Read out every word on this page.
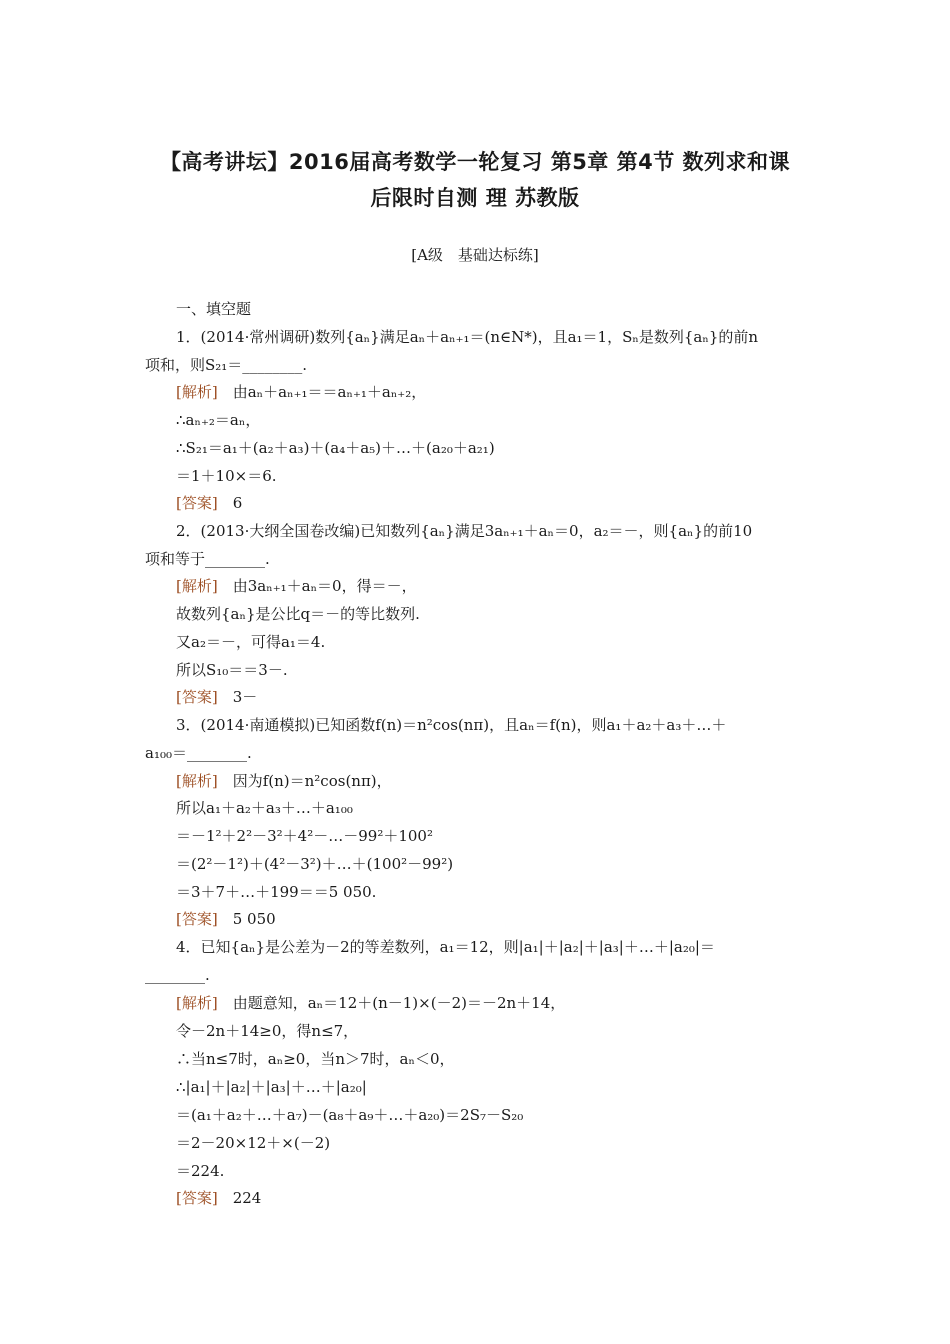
【高考讲坛】2016届高考数学一轮复习 第5章 第4节 数列求和课
后限时自测 理 苏教版
[A级　基础达标练]
一、填空题
1．(2014·常州调研)数列{aₙ}满足aₙ＋aₙ₊₁＝(n∈N*)，且a₁＝1，Sₙ是数列{aₙ}的前n
项和，则S₂₁＝________.
[解析]　由aₙ＋aₙ₊₁＝＝aₙ₊₁＋aₙ₊₂，
∴aₙ₊₂＝aₙ，
∴S₂₁＝a₁＋(a₂＋a₃)＋(a₄＋a₅)＋…＋(a₂₀＋a₂₁)
＝1＋10×＝6.
[答案]　6
2．(2013·大纲全国卷改编)已知数列{aₙ}满足3aₙ₊₁＋aₙ＝0，a₂＝－，则{aₙ}的前10
项和等于________.
[解析]　由3aₙ₊₁＋aₙ＝0，得＝－，
故数列{aₙ}是公比q＝－的等比数列.
又a₂＝－，可得a₁＝4.
所以S₁₀＝＝3－.
[答案]　3－
3．(2014·南通模拟)已知函数f(n)＝n²cos(nπ)，且aₙ＝f(n)，则a₁＋a₂＋a₃＋…＋
a₁₀₀＝________.
[解析]　因为f(n)＝n²cos(nπ)，
所以a₁＋a₂＋a₃＋…＋a₁₀₀
＝－1²＋2²－3²＋4²－…－99²＋100²
＝(2²－1²)＋(4²－3²)＋…＋(100²－99²)
＝3＋7＋…＋199＝＝5 050.
[答案]　5 050
4．已知{aₙ}是公差为－2的等差数列，a₁＝12，则|a₁|＋|a₂|＋|a₃|＋…＋|a₂₀|＝
________.
[解析]　由题意知，aₙ＝12＋(n－1)×(－2)＝－2n＋14，
令－2n＋14≥0，得n≤7，
∴当n≤7时，aₙ≥0，当n＞7时，aₙ＜0，
∴|a₁|＋|a₂|＋|a₃|＋…＋|a₂₀|
＝(a₁＋a₂＋…＋a₇)－(a₈＋a₉＋…＋a₂₀)＝2S₇－S₂₀
＝2－20×12＋×(－2)
＝224.
[答案]　224
